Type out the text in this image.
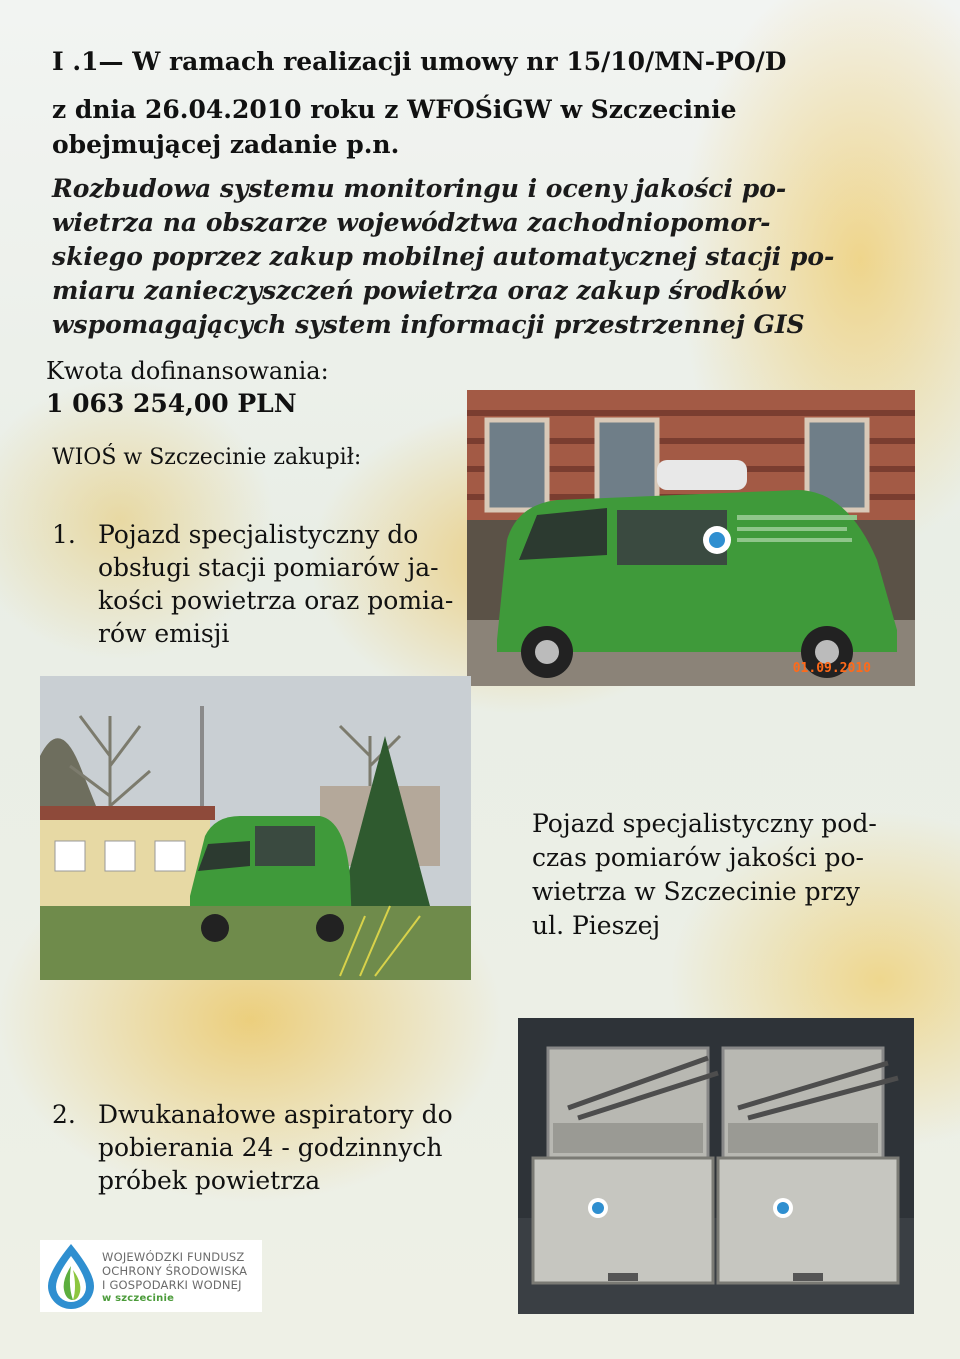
I .1— W ramach realizacji umowy nr 15/10/MN-PO/D
z dnia 26.04.2010 roku z WFOŚiGW w Szczecinie
obejmującej zadanie p.n.
Rozbudowa systemu monitoringu i oceny jakości po-
wietrza na obszarze województwa zachodniopomor-
skiego poprzez zakup mobilnej automatycznej stacji po-
miaru zanieczyszczeń powietrza oraz zakup środków
wspomagających system informacji przestrzennej GIS
Kwota dofinansowania:
1 063 254,00 PLN
WIOŚ w Szczecinie zakupił:
1. Pojazd specjalistyczny do
obsługi stacji pomiarów ja-
kości powietrza oraz pomia-
rów emisji
01.09.2010
Pojazd specjalistyczny pod-
czas pomiarów jakości po-
wietrza w Szczecinie przy
ul. Pieszej
2. Dwukanałowe aspiratory do
pobierania 24 - godzinnych
próbek powietrza
WOJEWÓDZKI FUNDUSZ
OCHRONY ŚRODOWISKA
I GOSPODARKI WODNEJ
w szczecinie
